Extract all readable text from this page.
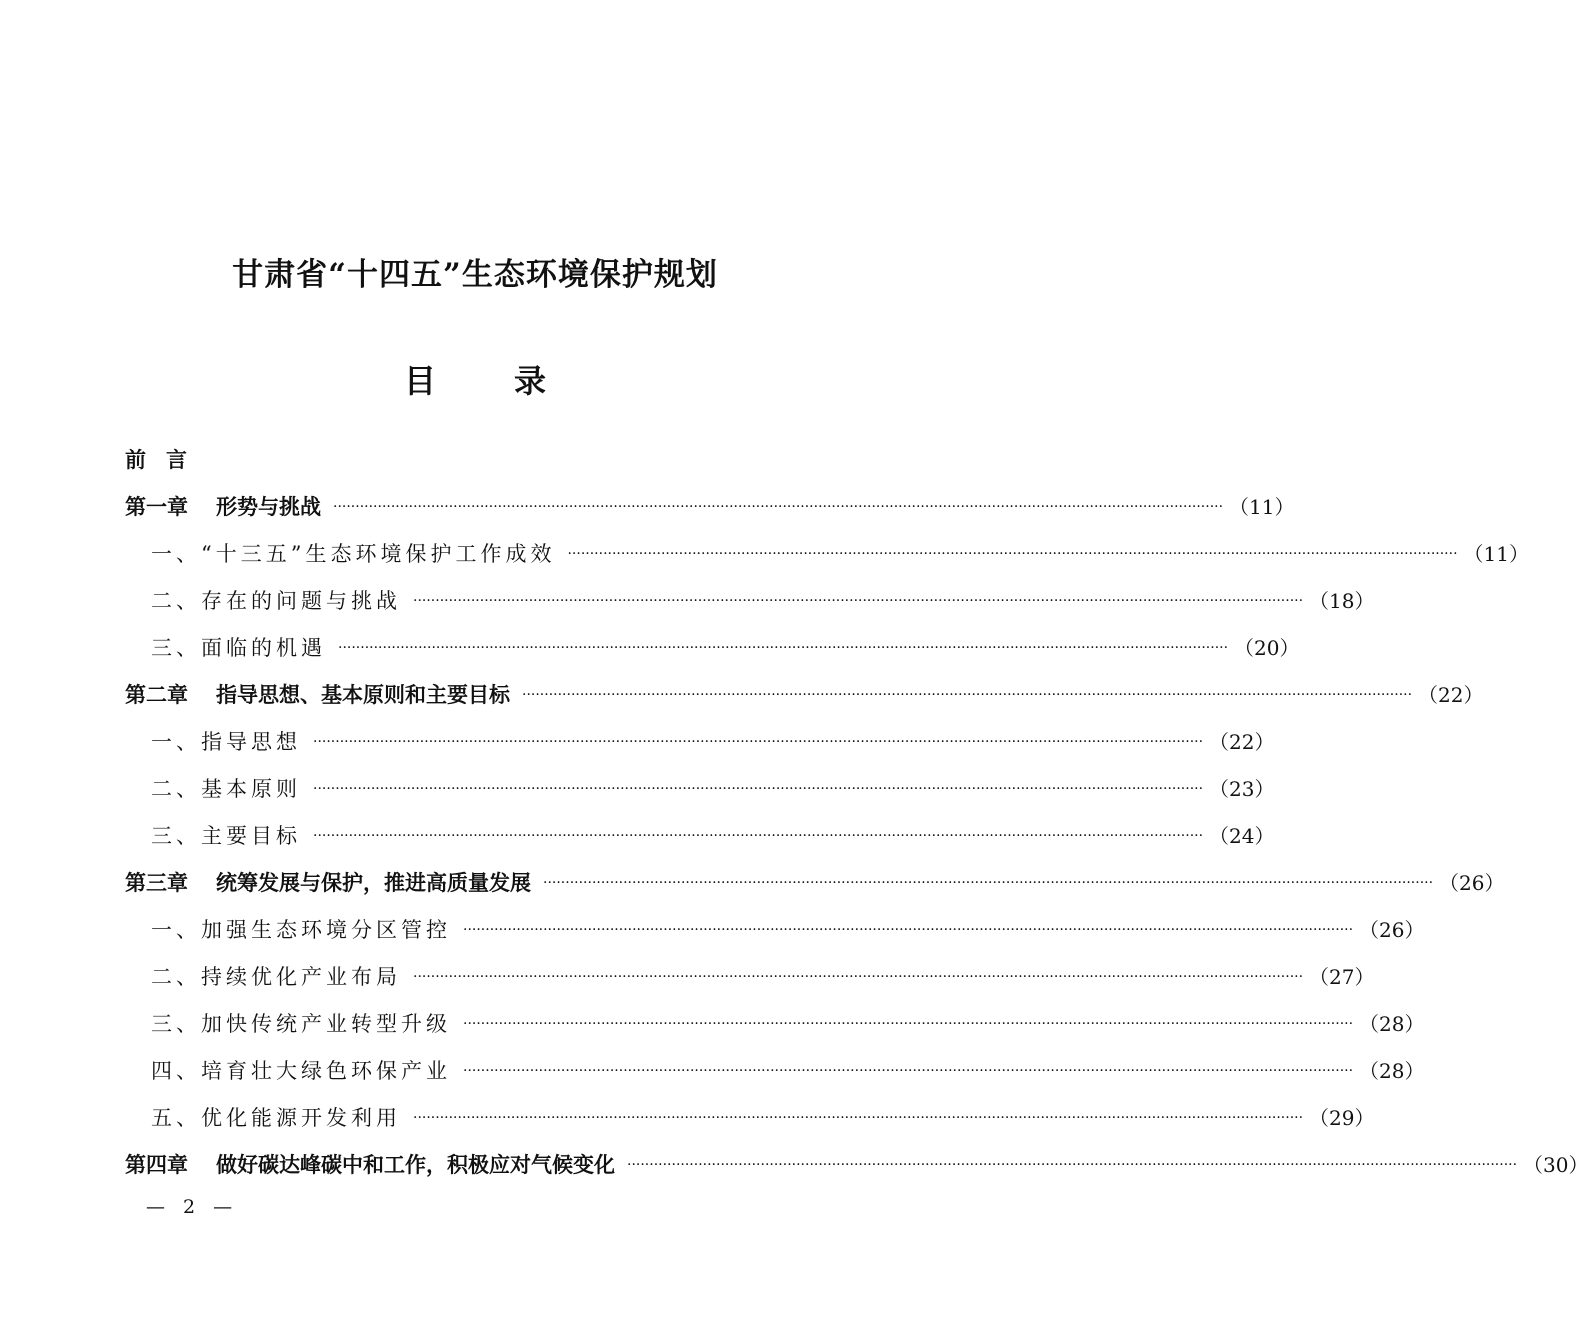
甘肃省“十四五”生态环境保护规划
目录
前 言
第一章 形势与挑战 ········································································································································································································ （11）
一、“十三五”生态环境保护工作成效 ········································································································································································································ （11）
二、存在的问题与挑战 ········································································································································································································ （18）
三、面临的机遇 ········································································································································································································ （20）
第二章 指导思想、基本原则和主要目标 ········································································································································································································ （22）
一、指导思想 ········································································································································································································ （22）
二、基本原则 ········································································································································································································ （23）
三、主要目标 ········································································································································································································ （24）
第三章 统筹发展与保护，推进高质量发展 ········································································································································································································ （26）
一、加强生态环境分区管控 ········································································································································································································ （26）
二、持续优化产业布局 ········································································································································································································ （27）
三、加快传统产业转型升级 ········································································································································································································ （28）
四、培育壮大绿色环保产业 ········································································································································································································ （28）
五、优化能源开发利用 ········································································································································································································ （29）
第四章 做好碳达峰碳中和工作，积极应对气候变化 ········································································································································································································ （30）
— 2 —
